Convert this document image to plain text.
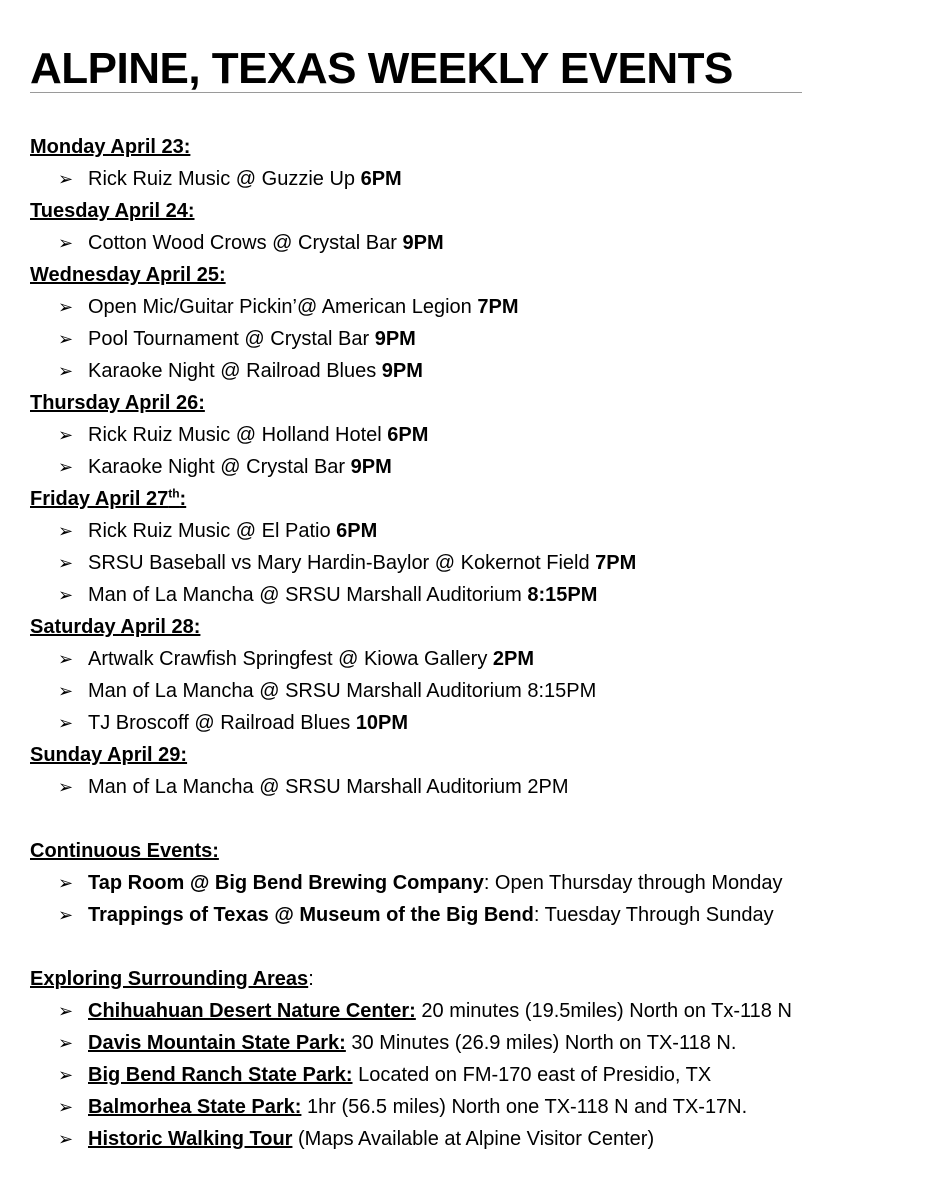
ALPINE, TEXAS WEEKLY EVENTS
Monday April 23:
➢ Rick Ruiz Music @ Guzzie Up 6PM
Tuesday April 24:
➢ Cotton Wood Crows @ Crystal Bar 9PM
Wednesday April 25:
➢ Open Mic/Guitar Pickin’@ American Legion 7PM
➢ Pool Tournament @ Crystal Bar 9PM
➢ Karaoke Night @ Railroad Blues 9PM
Thursday April 26:
➢ Rick Ruiz Music @ Holland Hotel 6PM
➢ Karaoke Night @ Crystal Bar 9PM
Friday April 27th:
➢ Rick Ruiz Music @ El Patio 6PM
➢ SRSU Baseball vs Mary Hardin-Baylor @ Kokernot Field 7PM
➢ Man of La Mancha @ SRSU Marshall Auditorium 8:15PM
Saturday April 28:
➢ Artwalk Crawfish Springfest @ Kiowa Gallery 2PM
➢ Man of La Mancha @ SRSU Marshall Auditorium 8:15PM
➢ TJ Broscoff @ Railroad Blues 10PM
Sunday April 29:
➢ Man of La Mancha @ SRSU Marshall Auditorium 2PM
Continuous Events:
➢ Tap Room @ Big Bend Brewing Company: Open Thursday through Monday
➢ Trappings of Texas @ Museum of the Big Bend: Tuesday Through Sunday
Exploring Surrounding Areas:
➢ Chihuahuan Desert Nature Center: 20 minutes (19.5miles) North on Tx-118 N
➢ Davis Mountain State Park: 30 Minutes (26.9 miles) North on TX-118 N.
➢ Big Bend Ranch State Park: Located on FM-170 east of Presidio, TX
➢ Balmorhea State Park: 1hr (56.5 miles) North one TX-118 N and TX-17N.
➢ Historic Walking Tour (Maps Available at Alpine Visitor Center)
